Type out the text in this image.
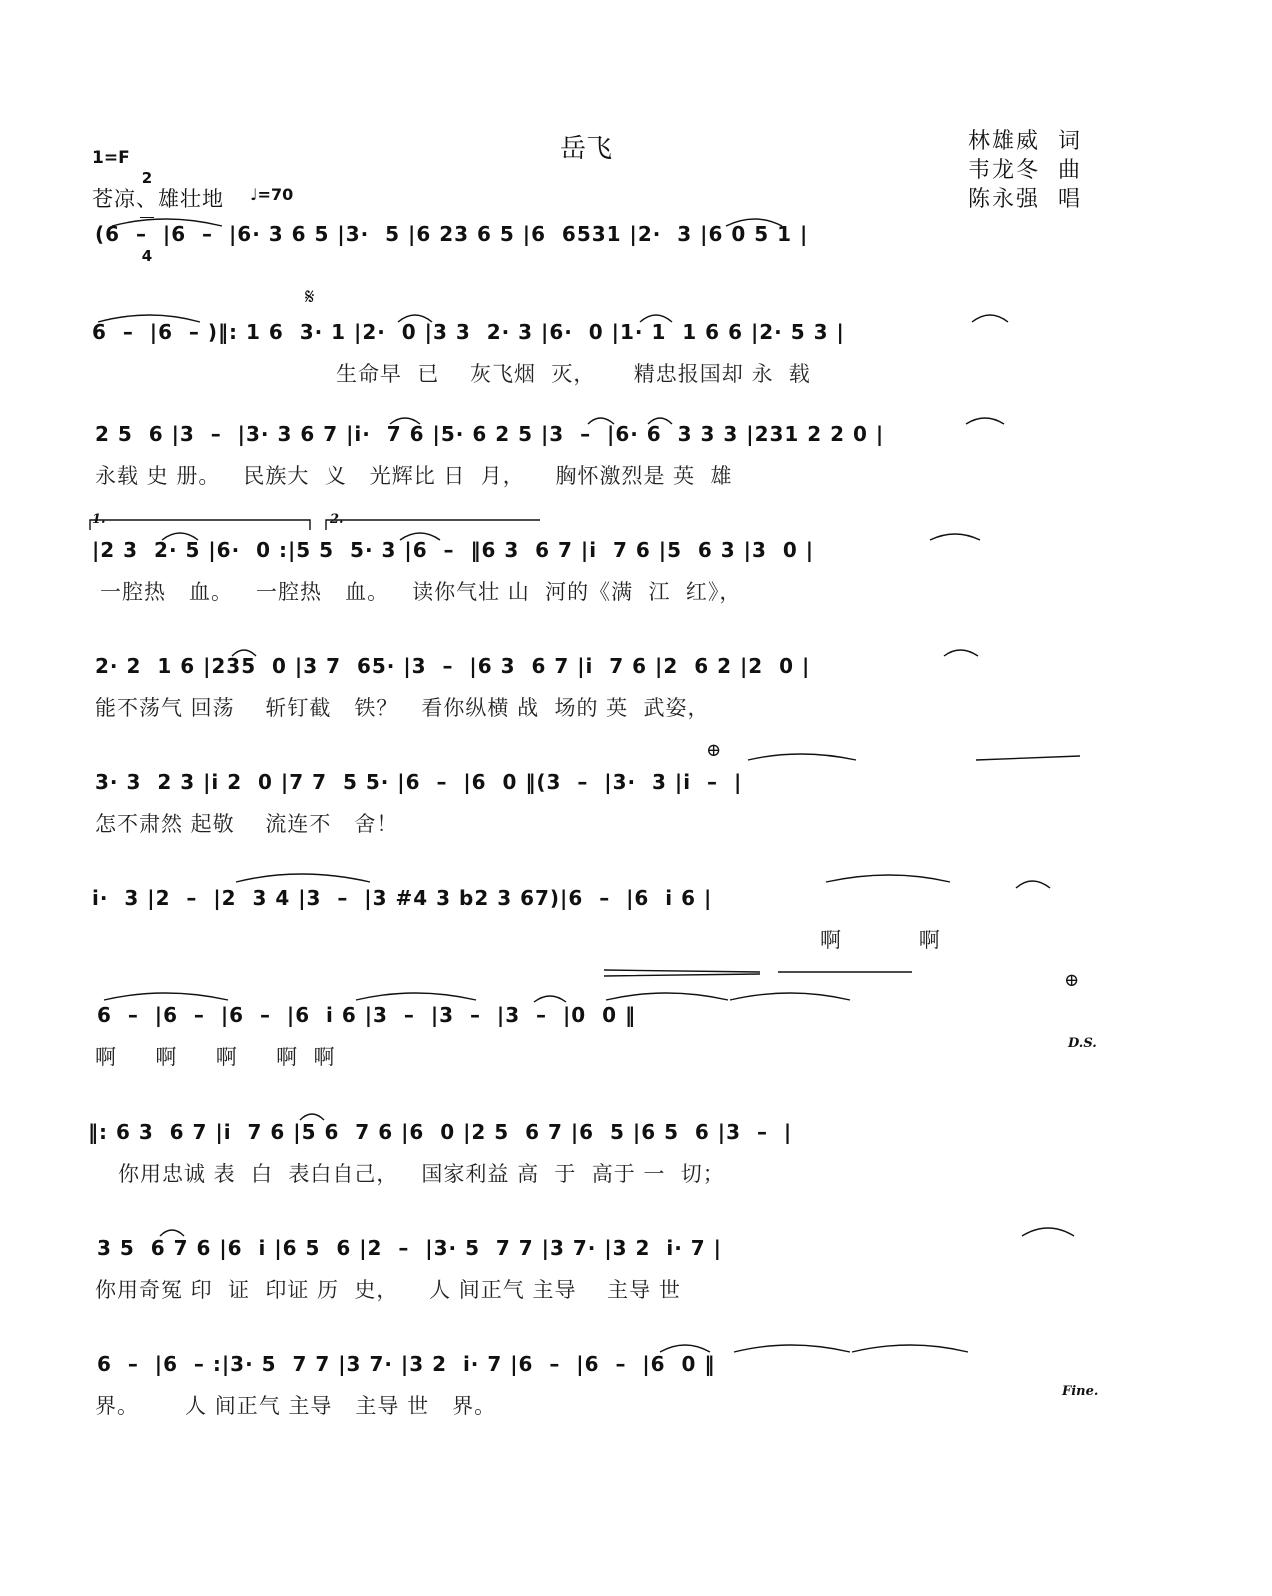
岳飞	林雄威  词
韦龙冬  曲
陈永强  唱
1=F

2

4

苍凉、雄壮地 ♩=70
(6  –  |6  –  |6· 3 6 5 |3·  5 |6 23 6 5 |6  6531 |2·  3 |6 0 5 1 |
𝄋
6  –  |6  – )‖: 1 6  3· 1 |2·  0 |3 3  2· 3 |6·  0 |1· 1  1 6 6 |2· 5 3 |
生命早  已    灰飞烟  灭，     精忠报国却 永  载
2 5  6 |3  –  |3· 3 6 7 |i·  7 6 |5· 6 2 5 |3  –  |6· 6  3 3 3 |231 2 2 0 |
永载 史 册。   民族大  义   光辉比 日  月，    胸怀激烈是 英  雄
1.	2.
|2 3  2· 5 |6·  0 :|5 5  5· 3 |6  –  ‖6 3  6 7 |i  7 6 |5  6 3 |3  0 |
一腔热   血。   一腔热   血。   读你气壮 山  河的《满  江  红》，
2· 2  1 6 |235  0 |3 7  65· |3  –  |6 3  6 7 |i  7 6 |2  6 2 |2  0 |
能不荡气 回荡    斩钉截   铁？   看你纵横 战  场的 英  武姿，
⊕
3· 3  2 3 |i 2  0 |7 7  5 5· |6  –  |6  0 ‖(3  –  |3·  3 |i  –  |
怎不肃然 起敬    流连不   舍！
i·  3 |2  –  |2  3 4 |3  –  |3 #4 3 b2 3 67)|6  –  |6  i 6 |
啊          啊
⊕
6  –  |6  –  |6  –  |6  i 6 |3  –  |3  –  |3  –  |0  0 ‖
啊     啊     啊     啊  啊
D.S.
‖: 6 3  6 7 |i  7 6 |5 6  7 6 |6  0 |2 5  6 7 |6  5 |6 5  6 |3  –  |
你用忠诚 表  白  表白自己，   国家利益 高  于  高于 一  切；
3 5  6 7 6 |6  i |6 5  6 |2  –  |3· 5  7 7 |3 7· |3 2  i· 7 |
你用奇冤 印  证  印证 历  史，    人 间正气 主导    主导 世
6  –  |6  – :|3· 5  7 7 |3 7· |3 2  i· 7 |6  –  |6  –  |6  0 ‖
界。      人 间正气 主导   主导 世   界。
Fine.
